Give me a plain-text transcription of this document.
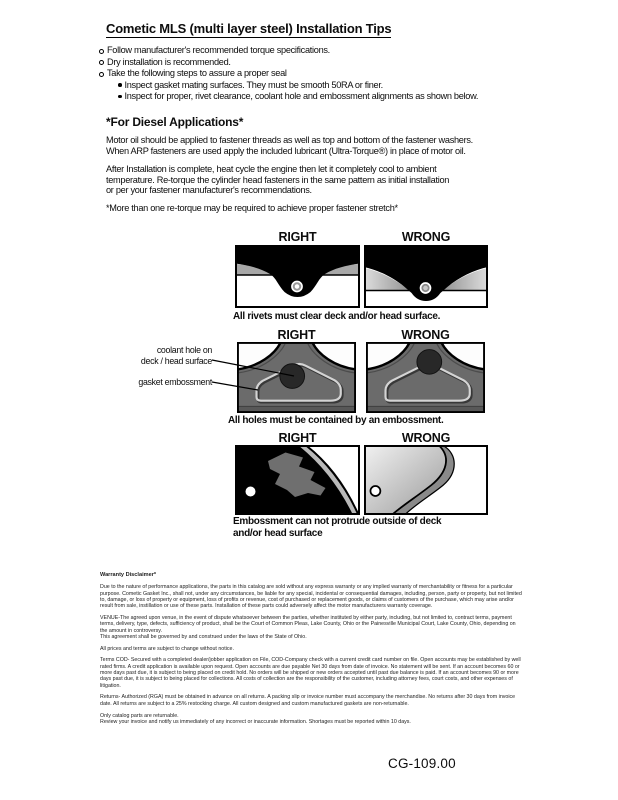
Cometic MLS (multi layer steel) Installation Tips
Follow manufacturer's recommended torque specifications.
Dry installation is recommended.
Take the following steps to assure a proper seal
Inspect gasket mating surfaces. They must be smooth 50RA or finer.
Inspect for proper, rivet clearance, coolant hole and embossment alignments as shown below.
*For Diesel Applications*
Motor oil should be applied to fastener threads as well as top and bottom of the fastener washers.
When ARP fasteners are used apply the included lubricant (Ultra-Torque®) in place of motor oil.
After Installation is complete, heat cycle the engine then let it completely cool to ambient
temperature. Re-torque the cylinder head fasteners in the same pattern as initial installation
or per your fastener manufacturer's recommendations.
*More than one re-torque may be required to achieve proper fastener stretch*
RIGHT	WRONG
All rivets must clear deck and/or head surface.
RIGHT	WRONG
coolant hole on
deck / head surface
gasket embossment
All holes must be contained by an embossment.
RIGHT	WRONG
Embossment can not protrude outside of deck
and/or head surface
Warranty Disclaimer*
Due to the nature of performance applications, the parts in this catalog are sold without any express warranty or any implied warranty of merchantability or fitness for a particular purpose. Cometic Gasket Inc., shall not, under any circumstances, be liable for any special, incidental or consequential damages, including, person, party or property, but not limited to, damage, or loss of property or equipment, loss of profits or revenue, cost of purchased or replacement goods, or claims of customers of the purchase, which may arise and/or result from sale, instillation or use of these parts. Installation of these parts could adversely affect the motor manufacturers warranty coverage.
VENUE-The agreed upon venue, in the event of dispute whatsoever between the parties, whether instituted by either party, including, but not limited to, contract terms, payment terms, delivery, type, defects, sufficiency of product, shall be the Court of Common Pleas, Lake County, Ohio or the Painesville Municipal Court, Lake County, Ohio, depending on the amount in controversy.
This agreement shall be governed by and construed under the laws of the State of Ohio.
All prices and terms are subject to change without notice.
Terms COD- Secured with a completed dealer/jobber application on File, COD-Company check with a current credit card number on file. Open accounts may be established by well rated firms. A credit application is available upon request. Open accounts are due payable Net 30 days from date of invoice. No statement will be sent. If an account becomes 60 or more days past due, it is subject to being placed on credit hold. No orders will be shipped or new orders accepted until past due balance is paid. If an account becomes 90 or more days past due, it is subject to being placed for collections. All costs of collection are the responsibility of the customer, including attorney fees, court costs, and other expenses of litigation.
Returns- Authorized (RGA) must be obtained in advance on all returns. A packing slip or invoice number must accompany the merchandise. No returns after 30 days from invoice date. All returns are subject to a 25% restocking charge. All custom designed and custom manufactured gaskets are non-returnable.
Only catalog parts are returnable.
Review your invoice and notify us immediately of any incorrect or inaccurate information. Shortages must be reported within 10 days.
CG-109.00
